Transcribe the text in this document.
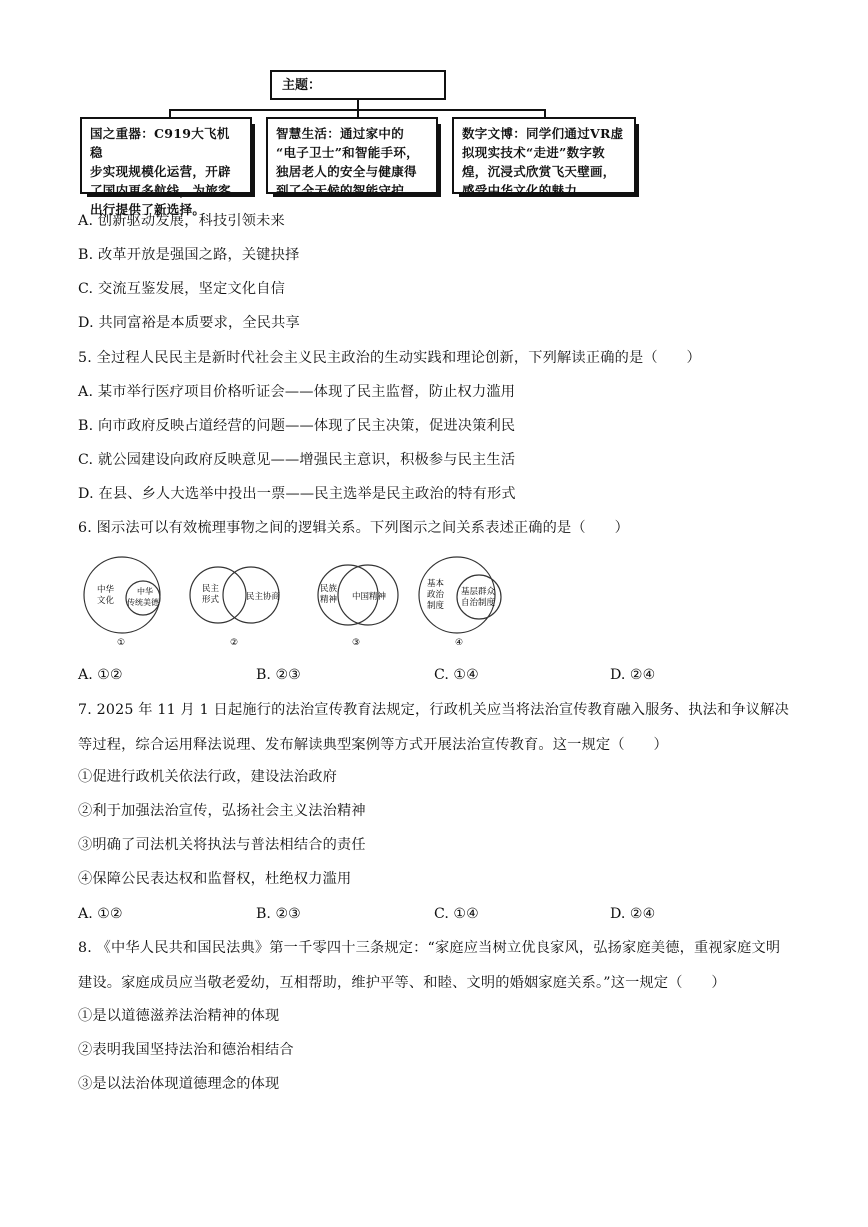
主题：
国之重器：C919大飞机稳
步实现规模化运营，开辟
了国内更多航线，为旅客
出行提供了新选择。
智慧生活：通过家中的
“电子卫士”和智能手环，
独居老人的安全与健康得
到了全天候的智能守护。
数字文博：同学们通过VR虚
拟现实技术“走进”数字敦
煌，沉浸式欣赏飞天壁画，
感受中华文化的魅力。
A. 创新驱动发展，科技引领未来
B. 改革开放是强国之路，关键抉择
C. 交流互鉴发展，坚定文化自信
D. 共同富裕是本质要求，全民共享
5. 全过程人民民主是新时代社会主义民主政治的生动实践和理论创新，下列解读正确的是（　　）
A. 某市举行医疗项目价格听证会——体现了民主监督，防止权力滥用
B. 向市政府反映占道经营的问题——体现了民主决策，促进决策利民
C. 就公园建设向政府反映意见——增强民主意识，积极参与民主生活
D. 在县、乡人大选举中投出一票——民主选举是民主政治的特有形式
6. 图示法可以有效梳理事物之间的逻辑关系。下列图示之间关系表述正确的是（　　）
中华
文化
中华
传统美德
①
民主
形式	民主协商
②
民族
精神 中国精神
③
基本
政治
制度
基层群众
自治制度
④
A. ①②	B. ②③	C. ①④	D. ②④
7. 2025 年 11 月 1 日起施行的法治宣传教育法规定，行政机关应当将法治宣传教育融入服务、执法和争议解决等过程，综合运用释法说理、发布解读典型案例等方式开展法治宣传教育。这一规定（　　）
①促进行政机关依法行政，建设法治政府
②利于加强法治宣传，弘扬社会主义法治精神
③明确了司法机关将执法与普法相结合的责任
④保障公民表达权和监督权，杜绝权力滥用
A. ①②	B. ②③	C. ①④	D. ②④
8. 《中华人民共和国民法典》第一千零四十三条规定：“家庭应当树立优良家风，弘扬家庭美德，重视家庭文明建设。家庭成员应当敬老爱幼，互相帮助，维护平等、和睦、文明的婚姻家庭关系。”这一规定（　　）
①是以道德滋养法治精神的体现
②表明我国坚持法治和德治相结合
③是以法治体现道德理念的体现
